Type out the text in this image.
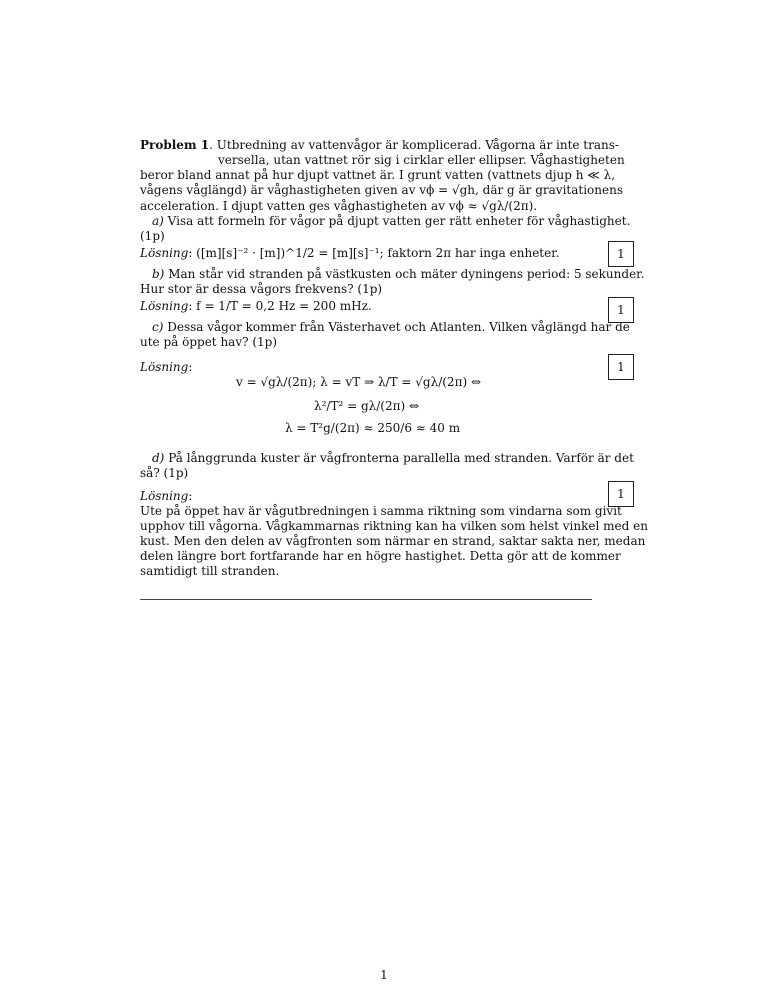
Problem 1. Utbredning av vattenvågor är komplicerad. Vågorna är inte trans-
versella, utan vattnet rör sig i cirklar eller ellipser. Våghastigheten
beror bland annat på hur djupt vattnet är. I grunt vatten (vattnets djup h ≪ λ,
vågens våglängd) är våghastigheten given av vϕ = √gh, där g är gravitationens
acceleration. I djupt vatten ges våghastigheten av vϕ ≈ √gλ/(2π).
a) Visa att formeln för vågor på djupt vatten ger rätt enheter för våghastighet.
(1p)
Lösning: ([m][s]⁻² · [m])^1/2 = [m][s]⁻¹; faktorn 2π har inga enheter.	1
b) Man står vid stranden på västkusten och mäter dyningens period: 5 sekunder.
Hur stor är dessa vågors frekvens? (1p)
Lösning: f = 1/T = 0,2 Hz = 200 mHz.	1
c) Dessa vågor kommer från Västerhavet och Atlanten. Vilken våglängd har de
ute på öppet hav? (1p)
Lösning:	1
v = √gλ/(2π); λ = vT ⇒ λ/T = √gλ/(2π) ⇔
λ²/T² = gλ/(2π) ⇔
λ = T²g/(2π) ≈ 250/6 ≈ 40 m
d) På långgrunda kuster är vågfronterna parallella med stranden. Varför är det
så? (1p)
Lösning:	1
Ute på öppet hav är vågutbredningen i samma riktning som vindarna som givit
upphov till vågorna. Vågkammarnas riktning kan ha vilken som helst vinkel med en
kust. Men den delen av vågfronten som närmar en strand, saktar sakta ner, medan
delen längre bort fortfarande har en högre hastighet. Detta gör att de kommer
samtidigt till stranden.
1
